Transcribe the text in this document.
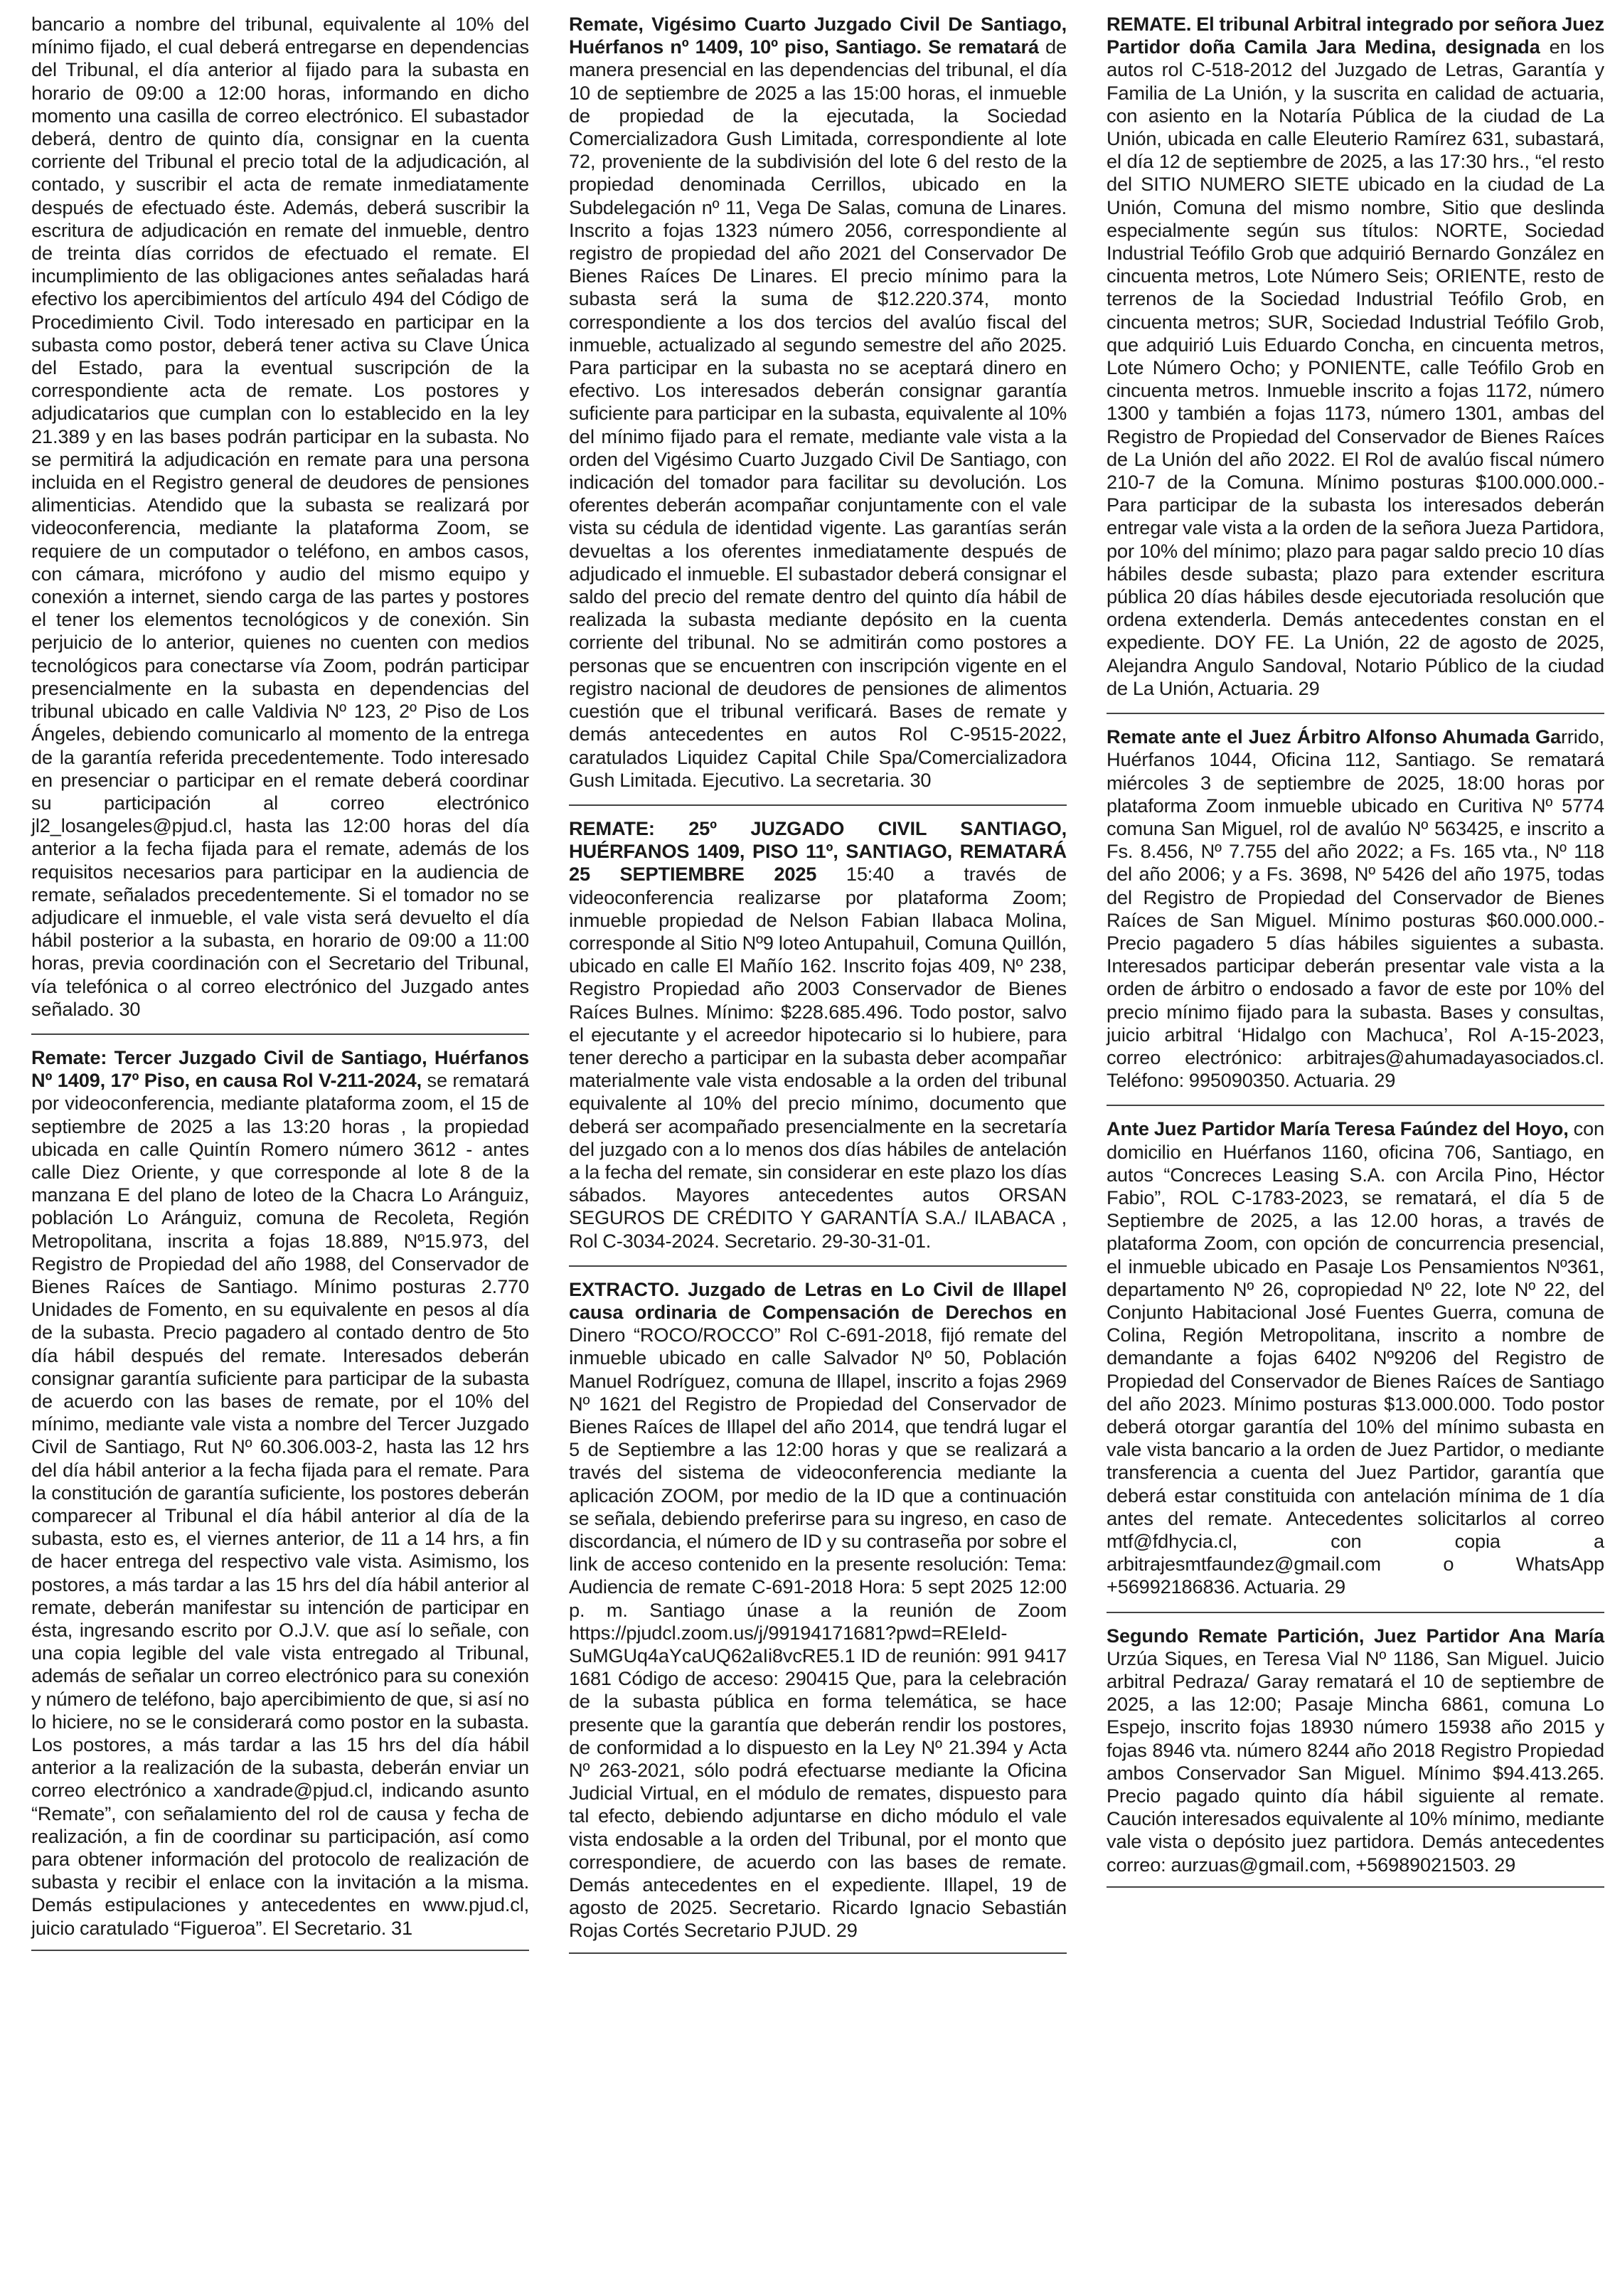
bancario a nombre del tribunal, equivalente al 10% del mínimo fijado, el cual deberá entregarse en dependencias del Tribunal, el día anterior al fijado para la subasta en horario de 09:00 a 12:00 horas, informando en dicho momento una casilla de correo electrónico. El subastador deberá, dentro de quinto día, consignar en la cuenta corriente del Tribunal el precio total de la adjudicación, al contado, y suscribir el acta de remate inmediatamente después de efectuado éste. Además, deberá suscribir la escritura de adjudicación en remate del inmueble, dentro de treinta días corridos de efectuado el remate. El incumplimiento de las obligaciones antes señaladas hará efectivo los apercibimientos del artículo 494 del Código de Procedimiento Civil. Todo interesado en participar en la subasta como postor, deberá tener activa su Clave Única del Estado, para la eventual suscripción de la correspondiente acta de remate. Los postores y adjudicatarios que cumplan con lo establecido en la ley 21.389 y en las bases podrán participar en la subasta. No se permitirá la adjudicación en remate para una persona incluida en el Registro general de deudores de pensiones alimenticias. Atendido que la subasta se realizará por videoconferencia, mediante la plataforma Zoom, se requiere de un computador o teléfono, en ambos casos, con cámara, micrófono y audio del mismo equipo y conexión a internet, siendo carga de las partes y postores el tener los elementos tecnológicos y de conexión. Sin perjuicio de lo anterior, quienes no cuenten con medios tecnológicos para conectarse vía Zoom, podrán participar presencialmente en la subasta en dependencias del tribunal ubicado en calle Valdivia Nº 123, 2º Piso de Los Ángeles, debiendo comunicarlo al momento de la entrega de la garantía referida precedentemente. Todo interesado en presenciar o participar en el remate deberá coordinar su participación al correo electrónico jl2_losangeles@pjud.cl, hasta las 12:00 horas del día anterior a la fecha fijada para el remate, además de los requisitos necesarios para participar en la audiencia de remate, señalados precedentemente. Si el tomador no se adjudicare el inmueble, el vale vista será devuelto el día hábil posterior a la subasta, en horario de 09:00 a 11:00 horas, previa coordinación con el Secretario del Tribunal, vía telefónica o al correo electrónico del Juzgado antes señalado. 30

Remate: Tercer Juzgado Civil de Santiago, Huérfanos Nº 1409, 17º Piso, en causa Rol V-211-2024, se rematará por videoconferencia, mediante plataforma zoom, el 15 de septiembre de 2025 a las 13:20 horas , la propiedad ubicada en calle Quintín Romero número 3612 - antes calle Diez Oriente, y que corresponde al lote 8 de la manzana E del plano de loteo de la Chacra Lo Aránguiz, población Lo Aránguiz, comuna de Recoleta, Región Metropolitana, inscrita a fojas 18.889, Nº15.973, del Registro de Propiedad del año 1988, del Conservador de Bienes Raíces de Santiago. Mínimo posturas 2.770 Unidades de Fomento, en su equivalente en pesos al día de la subasta. Precio pagadero al contado dentro de 5to día hábil después del remate. Interesados deberán consignar garantía suficiente para participar de la subasta de acuerdo con las bases de remate, por el 10% del mínimo, mediante vale vista a nombre del Tercer Juzgado Civil de Santiago, Rut Nº 60.306.003-2, hasta las 12 hrs del día hábil anterior a la fecha fijada para el remate. Para la constitución de garantía suficiente, los postores deberán comparecer al Tribunal el día hábil anterior al día de la subasta, esto es, el viernes anterior, de 11 a 14 hrs, a fin de hacer entrega del respectivo vale vista. Asimismo, los postores, a más tardar a las 15 hrs del día hábil anterior al remate, deberán manifestar su intención de participar en ésta, ingresando escrito por O.J.V. que así lo señale, con una copia legible del vale vista entregado al Tribunal, además de señalar un correo electrónico para su conexión y número de teléfono, bajo apercibimiento de que, si así no lo hiciere, no se le considerará como postor en la subasta. Los postores, a más tardar a las 15 hrs del día hábil anterior a la realización de la subasta, deberán enviar un correo electrónico a xandrade@pjud.cl, indicando asunto “Remate”, con señalamiento del rol de causa y fecha de realización, a fin de coordinar su participación, así como para obtener información del protocolo de realización de subasta y recibir el enlace con la invitación a la misma. Demás estipulaciones y antecedentes en www.pjud.cl, juicio caratulado “Figueroa”. El Secretario. 31

Remate, Vigésimo Cuarto Juzgado Civil De Santiago, Huérfanos nº 1409, 10º piso, Santiago. Se rematará de manera presencial en las dependencias del tribunal, el día 10 de septiembre de 2025 a las 15:00 horas, el inmueble de propiedad de la ejecutada, la Sociedad Comercializadora Gush Limitada, correspondiente al lote 72, proveniente de la subdivisión del lote 6 del resto de la propiedad denominada Cerrillos, ubicado en la Subdelegación nº 11, Vega De Salas, comuna de Linares. Inscrito a fojas 1323 número 2056, correspondiente al registro de propiedad del año 2021 del Conservador De Bienes Raíces De Linares. El precio mínimo para la subasta será la suma de $12.220.374, monto correspondiente a los dos tercios del avalúo fiscal del inmueble, actualizado al segundo semestre del año 2025. Para participar en la subasta no se aceptará dinero en efectivo. Los interesados deberán consignar garantía suficiente para participar en la subasta, equivalente al 10% del mínimo fijado para el remate, mediante vale vista a la orden del Vigésimo Cuarto Juzgado Civil De Santiago, con indicación del tomador para facilitar su devolución. Los oferentes deberán acompañar conjuntamente con el vale vista su cédula de identidad vigente. Las garantías serán devueltas a los oferentes inmediatamente después de adjudicado el inmueble. El subastador deberá consignar el saldo del precio del remate dentro del quinto día hábil de realizada la subasta mediante depósito en la cuenta corriente del tribunal. No se admitirán como postores a personas que se encuentren con inscripción vigente en el registro nacional de deudores de pensiones de alimentos cuestión que el tribunal verificará. Bases de remate y demás antecedentes en autos Rol C-9515-2022, caratulados Liquidez Capital Chile Spa/Comercializadora Gush Limitada. Ejecutivo. La secretaria. 30

REMATE: 25º JUZGADO CIVIL SANTIAGO, HUÉRFANOS 1409, PISO 11º, SANTIAGO, REMATARÁ 25 SEPTIEMBRE 2025 15:40 a través de videoconferencia realizarse por plataforma Zoom; inmueble propiedad de Nelson Fabian Ilabaca Molina, corresponde al Sitio Nº9 loteo Antupahuil, Comuna Quillón, ubicado en calle El Mañío 162. Inscrito fojas 409, Nº 238, Registro Propiedad año 2003 Conservador de Bienes Raíces Bulnes. Mínimo: $228.685.496. Todo postor, salvo el ejecutante y el acreedor hipotecario si lo hubiere, para tener derecho a participar en la subasta deber acompañar materialmente vale vista endosable a la orden del tribunal equivalente al 10% del precio mínimo, documento que deberá ser acompañado presencialmente en la secretaría del juzgado con a lo menos dos días hábiles de antelación a la fecha del remate, sin considerar en este plazo los días sábados. Mayores antecedentes autos ORSAN SEGUROS DE CRÉDITO Y GARANTÍA S.A./ ILABACA , Rol C-3034-2024. Secretario. 29-30-31-01.

EXTRACTO. Juzgado de Letras en Lo Civil de Illapel causa ordinaria de Compensación de Derechos en Dinero “ROCO/ROCCO” Rol C-691-2018, fijó remate del inmueble ubicado en calle Salvador Nº 50, Población Manuel Rodríguez, comuna de Illapel, inscrito a fojas 2969 Nº 1621 del Registro de Propiedad del Conservador de Bienes Raíces de Illapel del año 2014, que tendrá lugar el 5 de Septiembre a las 12:00 horas y que se realizará a través del sistema de videoconferencia mediante la aplicación ZOOM, por medio de la ID que a continuación se señala, debiendo preferirse para su ingreso, en caso de discordancia, el número de ID y su contraseña por sobre el link de acceso contenido en la presente resolución: Tema: Audiencia de remate C-691-2018 Hora: 5 sept 2025 12:00 p. m. Santiago únase a la reunión de Zoom https://pjudcl.zoom.us/j/99194171681?pwd=REIeId-SuMGUq4aYcaUQ62aIi8vcRE5.1 ID de reunión: 991 9417 1681 Código de acceso: 290415 Que, para la celebración de la subasta pública en forma telemática, se hace presente que la garantía que deberán rendir los postores, de conformidad a lo dispuesto en la Ley Nº 21.394 y Acta Nº 263-2021, sólo podrá efectuarse mediante la Oficina Judicial Virtual, en el módulo de remates, dispuesto para tal efecto, debiendo adjuntarse en dicho módulo el vale vista endosable a la orden del Tribunal, por el monto que correspondiere, de acuerdo con las bases de remate. Demás antecedentes en el expediente. Illapel, 19 de agosto de 2025. Secretario. Ricardo Ignacio Sebastián Rojas Cortés Secretario PJUD. 29

REMATE. El tribunal Arbitral integrado por señora Juez Partidor doña Camila Jara Medina, designada en los autos rol C-518-2012 del Juzgado de Letras, Garantía y Familia de La Unión, y la suscrita en calidad de actuaria, con asiento en la Notaría Pública de la ciudad de La Unión, ubicada en calle Eleuterio Ramírez 631, subastará, el día 12 de septiembre de 2025, a las 17:30 hrs., “el resto del SITIO NUMERO SIETE ubicado en la ciudad de La Unión, Comuna del mismo nombre, Sitio que deslinda especialmente según sus títulos: NORTE, Sociedad Industrial Teófilo Grob que adquirió Bernardo González en cincuenta metros, Lote Número Seis; ORIENTE, resto de terrenos de la Sociedad Industrial Teófilo Grob, en cincuenta metros; SUR, Sociedad Industrial Teófilo Grob, que adquirió Luis Eduardo Concha, en cincuenta metros, Lote Número Ocho; y PONIENTE, calle Teófilo Grob en cincuenta metros. Inmueble inscrito a fojas 1172, número 1300 y también a fojas 1173, número 1301, ambas del Registro de Propiedad del Conservador de Bienes Raíces de La Unión del año 2022. El Rol de avalúo fiscal número 210-7 de la Comuna. Mínimo posturas $100.000.000.- Para participar de la subasta los interesados deberán entregar vale vista a la orden de la señora Jueza Partidora, por 10% del mínimo; plazo para pagar saldo precio 10 días hábiles desde subasta; plazo para extender escritura pública 20 días hábiles desde ejecutoriada resolución que ordena extenderla. Demás antecedentes constan en el expediente. DOY FE. La Unión, 22 de agosto de 2025, Alejandra Angulo Sandoval, Notario Público de la ciudad de La Unión, Actuaria. 29

Remate ante el Juez Árbitro Alfonso Ahumada Garrido, Huérfanos 1044, Oficina 112, Santiago. Se rematará miércoles 3 de septiembre de 2025, 18:00 horas por plataforma Zoom inmueble ubicado en Curitiva Nº 5774 comuna San Miguel, rol de avalúo Nº 563425, e inscrito a Fs. 8.456, Nº 7.755 del año 2022; a Fs. 165 vta., Nº 118 del año 2006; y a Fs. 3698, Nº 5426 del año 1975, todas del Registro de Propiedad del Conservador de Bienes Raíces de San Miguel. Mínimo posturas $60.000.000.- Precio pagadero 5 días hábiles siguientes a subasta. Interesados participar deberán presentar vale vista a la orden de árbitro o endosado a favor de este por 10% del precio mínimo fijado para la subasta. Bases y consultas, juicio arbitral ‘Hidalgo con Machuca’, Rol A-15-2023, correo electrónico: arbitrajes@ahumadayasociados.cl. Teléfono: 995090350. Actuaria. 29

Ante Juez Partidor María Teresa Faúndez del Hoyo, con domicilio en Huérfanos 1160, oficina 706, Santiago, en autos “Concreces Leasing S.A. con Arcila Pino, Héctor Fabio”, ROL C-1783-2023, se rematará, el día 5 de Septiembre de 2025, a las 12.00 horas, a través de plataforma Zoom, con opción de concurrencia presencial, el inmueble ubicado en Pasaje Los Pensamientos Nº361, departamento Nº 26, copropiedad Nº 22, lote Nº 22, del Conjunto Habitacional José Fuentes Guerra, comuna de Colina, Región Metropolitana, inscrito a nombre de demandante a fojas 6402 Nº9206 del Registro de Propiedad del Conservador de Bienes Raíces de Santiago del año 2023. Mínimo posturas $13.000.000. Todo postor deberá otorgar garantía del 10% del mínimo subasta en vale vista bancario a la orden de Juez Partidor, o mediante transferencia a cuenta del Juez Partidor, garantía que deberá estar constituida con antelación mínima de 1 día antes del remate. Antecedentes solicitarlos al correo mtf@fdhycia.cl, con copia a arbitrajesmtfaundez@gmail.com o WhatsApp +56992186836. Actuaria. 29

Segundo Remate Partición, Juez Partidor Ana María Urzúa Siques, en Teresa Vial Nº 1186, San Miguel. Juicio arbitral Pedraza/ Garay rematará el 10 de septiembre de 2025, a las 12:00; Pasaje Mincha 6861, comuna Lo Espejo, inscrito fojas 18930 número 15938 año 2015 y fojas 8946 vta. número 8244 año 2018 Registro Propiedad ambos Conservador San Miguel. Mínimo $94.413.265. Precio pagado quinto día hábil siguiente al remate. Caución interesados equivalente al 10% mínimo, mediante vale vista o depósito juez partidora. Demás antecedentes correo: aurzuas@gmail.com, +56989021503. 29
